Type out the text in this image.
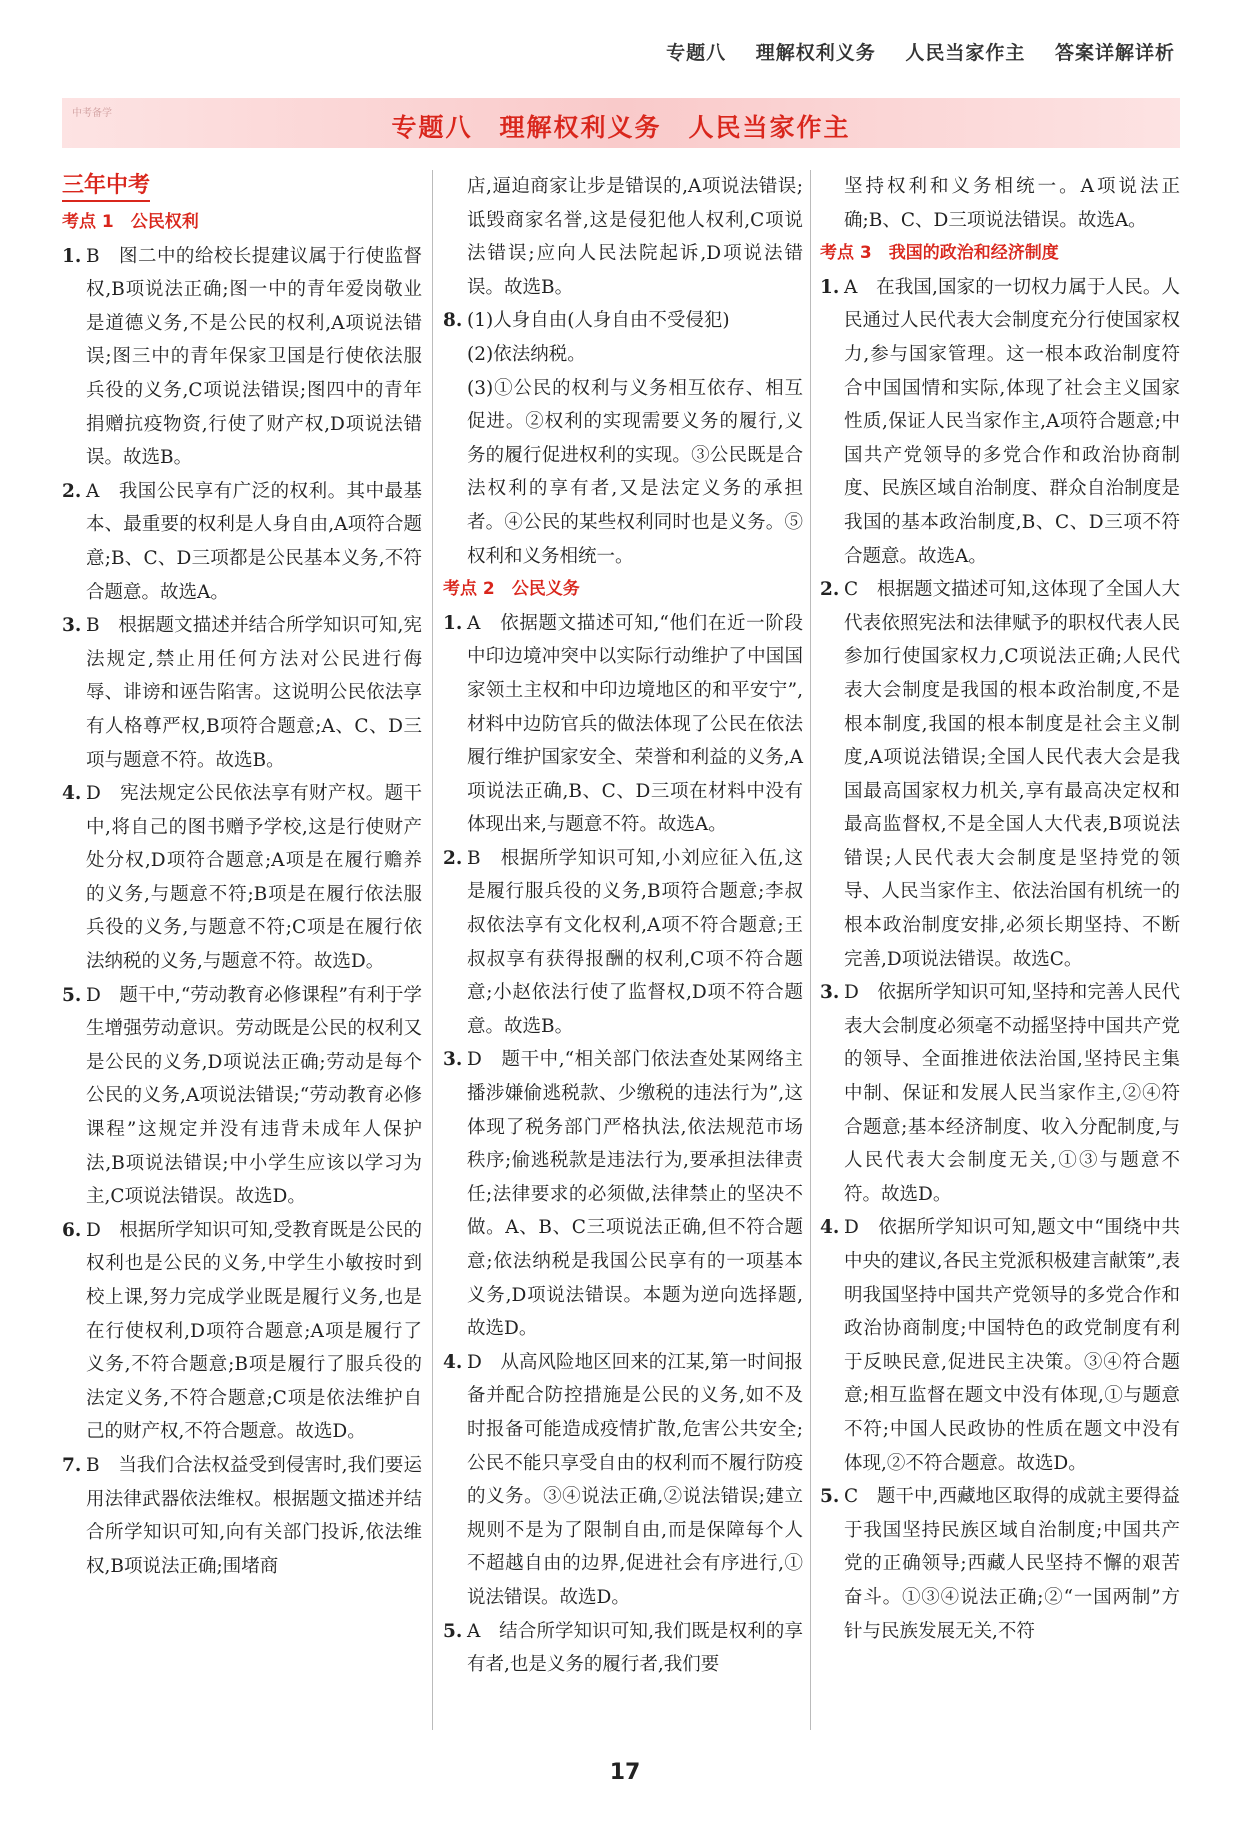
专题八 理解权利义务 人民当家作主 答案详解详析
中考备学	专题八　理解权利义务　人民当家作主
三年中考
考点 1　公民权利
1. B　图二中的给校长提建议属于行使监督权,B项说法正确;图一中的青年爱岗敬业是道德义务,不是公民的权利,A项说法错误;图三中的青年保家卫国是行使依法服兵役的义务,C项说法错误;图四中的青年捐赠抗疫物资,行使了财产权,D项说法错误。故选B。
2. A　我国公民享有广泛的权利。其中最基本、最重要的权利是人身自由,A项符合题意;B、C、D三项都是公民基本义务,不符合题意。故选A。
3. B　根据题文描述并结合所学知识可知,宪法规定,禁止用任何方法对公民进行侮辱、诽谤和诬告陷害。这说明公民依法享有人格尊严权,B项符合题意;A、C、D三项与题意不符。故选B。
4. D　宪法规定公民依法享有财产权。题干中,将自己的图书赠予学校,这是行使财产处分权,D项符合题意;A项是在履行赡养的义务,与题意不符;B项是在履行依法服兵役的义务,与题意不符;C项是在履行依法纳税的义务,与题意不符。故选D。
5. D　题干中,“劳动教育必修课程”有利于学生增强劳动意识。劳动既是公民的权利又是公民的义务,D项说法正确;劳动是每个公民的义务,A项说法错误;“劳动教育必修课程”这规定并没有违背未成年人保护法,B项说法错误;中小学生应该以学习为主,C项说法错误。故选D。
6. D　根据所学知识可知,受教育既是公民的权利也是公民的义务,中学生小敏按时到校上课,努力完成学业既是履行义务,也是在行使权利,D项符合题意;A项是履行了义务,不符合题意;B项是履行了服兵役的法定义务,不符合题意;C项是依法维护自己的财产权,不符合题意。故选D。
7. B　当我们合法权益受到侵害时,我们要运用法律武器依法维权。根据题文描述并结合所学知识可知,向有关部门投诉,依法维权,B项说法正确;围堵商
店,逼迫商家让步是错误的,A项说法错误;诋毁商家名誉,这是侵犯他人权利,C项说法错误;应向人民法院起诉,D项说法错误。故选B。
8. (1)人身自由(人身自由不受侵犯)
(2)依法纳税。
(3)①公民的权利与义务相互依存、相互促进。②权利的实现需要义务的履行,义务的履行促进权利的实现。③公民既是合法权利的享有者,又是法定义务的承担者。④公民的某些权利同时也是义务。⑤权利和义务相统一。
考点 2　公民义务
1. A　依据题文描述可知,“他们在近一阶段中印边境冲突中以实际行动维护了中国国家领土主权和中印边境地区的和平安宁”,材料中边防官兵的做法体现了公民在依法履行维护国家安全、荣誉和利益的义务,A项说法正确,B、C、D三项在材料中没有体现出来,与题意不符。故选A。
2. B　根据所学知识可知,小刘应征入伍,这是履行服兵役的义务,B项符合题意;李叔叔依法享有文化权利,A项不符合题意;王叔叔享有获得报酬的权利,C项不符合题意;小赵依法行使了监督权,D项不符合题意。故选B。
3. D　题干中,“相关部门依法查处某网络主播涉嫌偷逃税款、少缴税的违法行为”,这体现了税务部门严格执法,依法规范市场秩序;偷逃税款是违法行为,要承担法律责任;法律要求的必须做,法律禁止的坚决不做。A、B、C三项说法正确,但不符合题意;依法纳税是我国公民享有的一项基本义务,D项说法错误。本题为逆向选择题,故选D。
4. D　从高风险地区回来的江某,第一时间报备并配合防控措施是公民的义务,如不及时报备可能造成疫情扩散,危害公共安全;公民不能只享受自由的权利而不履行防疫的义务。③④说法正确,②说法错误;建立规则不是为了限制自由,而是保障每个人不超越自由的边界,促进社会有序进行,①说法错误。故选D。
5. A　结合所学知识可知,我们既是权利的享有者,也是义务的履行者,我们要
坚持权利和义务相统一。A项说法正确;B、C、D三项说法错误。故选A。
考点 3　我国的政治和经济制度
1. A　在我国,国家的一切权力属于人民。人民通过人民代表大会制度充分行使国家权力,参与国家管理。这一根本政治制度符合中国国情和实际,体现了社会主义国家性质,保证人民当家作主,A项符合题意;中国共产党领导的多党合作和政治协商制度、民族区域自治制度、群众自治制度是我国的基本政治制度,B、C、D三项不符合题意。故选A。
2. C　根据题文描述可知,这体现了全国人大代表依照宪法和法律赋予的职权代表人民参加行使国家权力,C项说法正确;人民代表大会制度是我国的根本政治制度,不是根本制度,我国的根本制度是社会主义制度,A项说法错误;全国人民代表大会是我国最高国家权力机关,享有最高决定权和最高监督权,不是全国人大代表,B项说法错误;人民代表大会制度是坚持党的领导、人民当家作主、依法治国有机统一的根本政治制度安排,必须长期坚持、不断完善,D项说法错误。故选C。
3. D　依据所学知识可知,坚持和完善人民代表大会制度必须毫不动摇坚持中国共产党的领导、全面推进依法治国,坚持民主集中制、保证和发展人民当家作主,②④符合题意;基本经济制度、收入分配制度,与人民代表大会制度无关,①③与题意不符。故选D。
4. D　依据所学知识可知,题文中“围绕中共中央的建议,各民主党派积极建言献策”,表明我国坚持中国共产党领导的多党合作和政治协商制度;中国特色的政党制度有利于反映民意,促进民主决策。③④符合题意;相互监督在题文中没有体现,①与题意不符;中国人民政协的性质在题文中没有体现,②不符合题意。故选D。
5. C　题干中,西藏地区取得的成就主要得益于我国坚持民族区域自治制度;中国共产党的正确领导;西藏人民坚持不懈的艰苦奋斗。①③④说法正确;②“一国两制”方针与民族发展无关,不符
17
